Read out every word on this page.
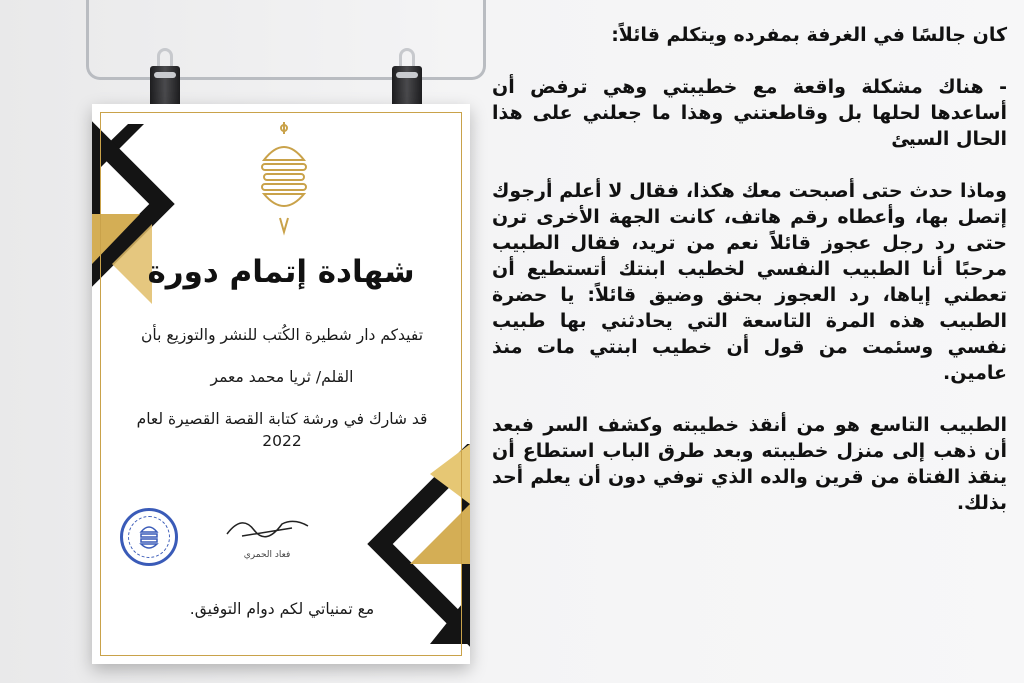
شهادة إتمام دورة
تفيدكم دار شطيرة الكُتب للنشر والتوزيع بأن
القلم/ ثريا محمد معمر
قد شارك في ورشة كتابة القصة القصيرة لعام
2022
فعاد الحمري
مع تمنياتي لكم دوام التوفيق.

كان جالسًا في الغرفة بمفرده ويتكلم قائلاً:

- هناك مشكلة واقعة مع خطيبتي وهي ترفض أن أساعدها لحلها بل وقاطعتني وهذا ما جعلني على هذا الحال السيئ

وماذا حدث حتى أصبحت معك هكذا، فقال لا أعلم أرجوك إتصل بها، وأعطاه رقم هاتف، كانت الجهة الأخرى ترن حتى رد رجل عجوز قائلاً نعم من تريد، فقال الطبيب مرحبًا أنا الطبيب النفسي لخطيب ابنتك أتستطيع أن تعطني إياها، رد العجوز بحنق وضيق قائلاً: يا حضرة الطبيب هذه المرة التاسعة التي يحادثني بها طبيب نفسي وسئمت من قول أن خطيب ابنتي مات منذ عامين.

الطبيب التاسع هو من أنقذ خطيبته وكشف السر فبعد أن ذهب إلى منزل خطيبته وبعد طرق الباب استطاع أن ينقذ الفتاة من قرين والده الذي توفي دون أن يعلم أحد بذلك.
